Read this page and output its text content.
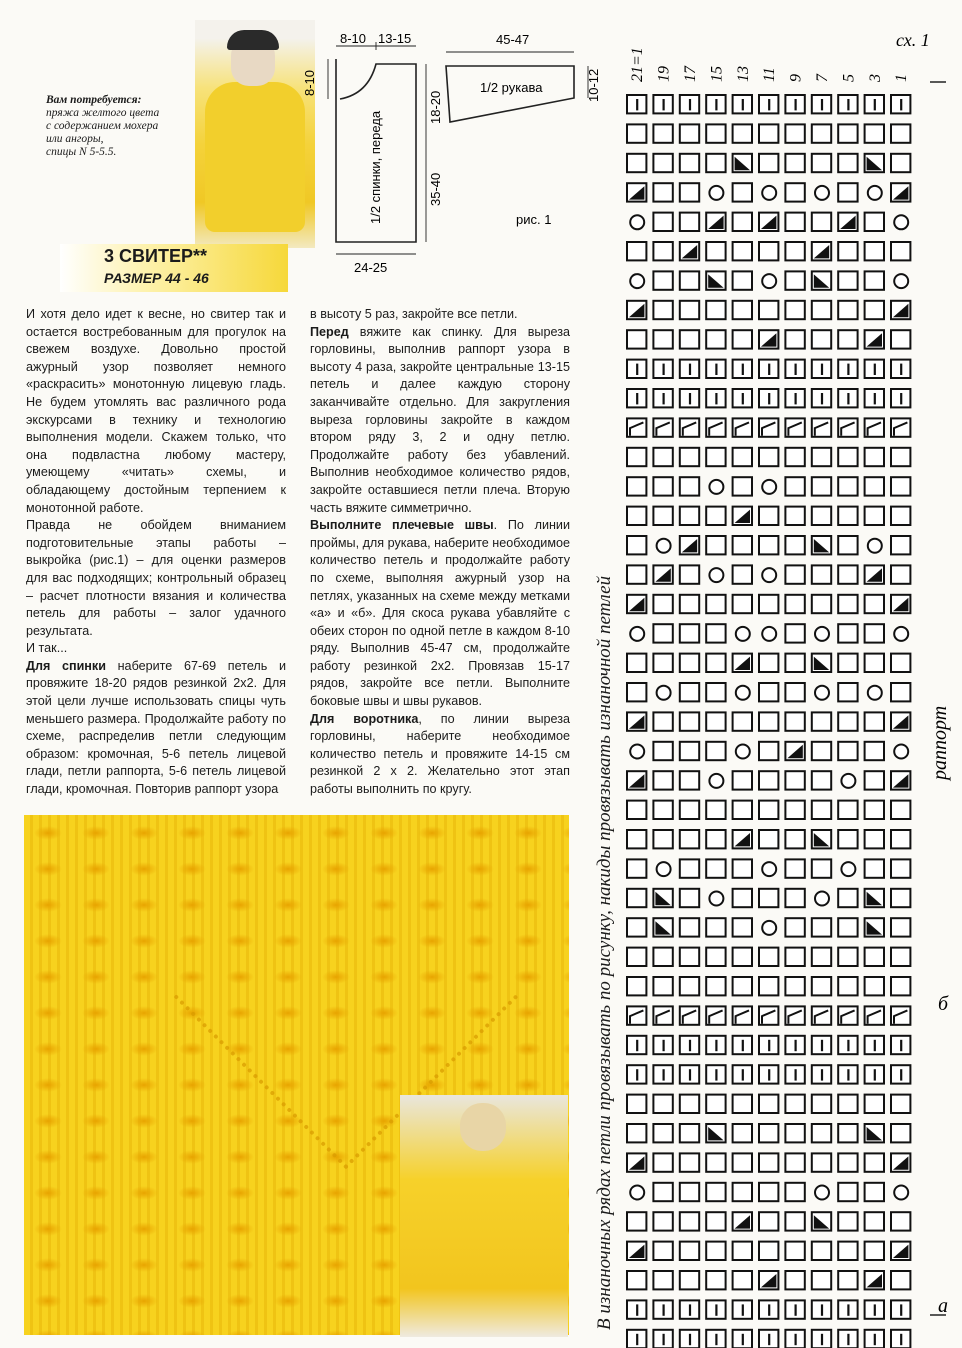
Вам потребуется:
пряжа желтого цвета
с содержанием мохера
или ангоры,
спицы N 5-5.5.
3 СВИТЕР**
РАЗМЕР 44 - 46
8-10 13-15
8-10
18-20
35-40
24-25
45-47
10-12
1/2 рукава
1/2 спинки, переда	рис. 1

И хотя дело идет к весне, но свитер так и остается востребованным для прогулок на свежем воздухе. Довольно простой ажурный узор позволяет немного «раскрасить» монотонную лицевую гладь. Не будем утомлять вас различного рода экскурсами в технику и технологию выполнения модели. Скажем только, что она подвластна любому мастеру, умеющему «читать» схемы, и обладающему достойным терпением к монотонной работе.

Правда не обойдем вниманием подготовительные этапы работы – выкройка (рис.1) – для оценки размеров для вас подходящих; контрольный образец – расчет плотности вязания и количества петель для работы – залог удачного результата.

И так...

Для спинки наберите 67-69 петель и провяжите 18-20 рядов резинкой 2х2. Для этой цели лучше использовать спицы чуть меньшего размера. Продолжайте работу по схеме, распределив петли следующим образом: кромочная, 5-6 петель лицевой глади, петли раппорта, 5-6 петель лицевой глади, кромочная. Повторив раппорт узора

в высоту 5 раз, закройте все петли.

Перед вяжите как спинку. Для выреза горловины, выполнив раппорт узора в высоту 4 раза, закройте центральные 13-15 петель и далее каждую сторону заканчивайте отдельно. Для закругления выреза горловины закройте в каждом втором ряду 3, 2 и одну петлю. Продолжайте работу без убавлений. Выполнив необходимое количество рядов, закройте оставшиеся петли плеча. Вторую часть вяжите симметрично.

Выполните плечевые швы. По линии проймы, для рукава, наберите необходимое количество петель и продолжайте работу по схеме, выполняя ажурный узор на петлях, указанных на схеме между метками «а» и «б». Для скоса рукава убавляйте с обеих сторон по одной петле в каждом 8-10 ряду. Выполнив 45-47 см, продолжайте работу резинкой 2х2. Провязав 15-17 рядов, закройте все петли. Выполните боковые швы и швы рукавов.

Для воротника, по линии выреза горловины, наберите необходимое количество петель и провяжите 14-15 см резинкой 2 х 2. Желательно этот этап работы выполнить по кругу.	В изнаночных рядах петли провязывать по рисунку, накиды провязывать изнаночной петлей
сх. 1
21=1 19 17 15 13 11 9 7 5 3 1
а
б
раппорт
